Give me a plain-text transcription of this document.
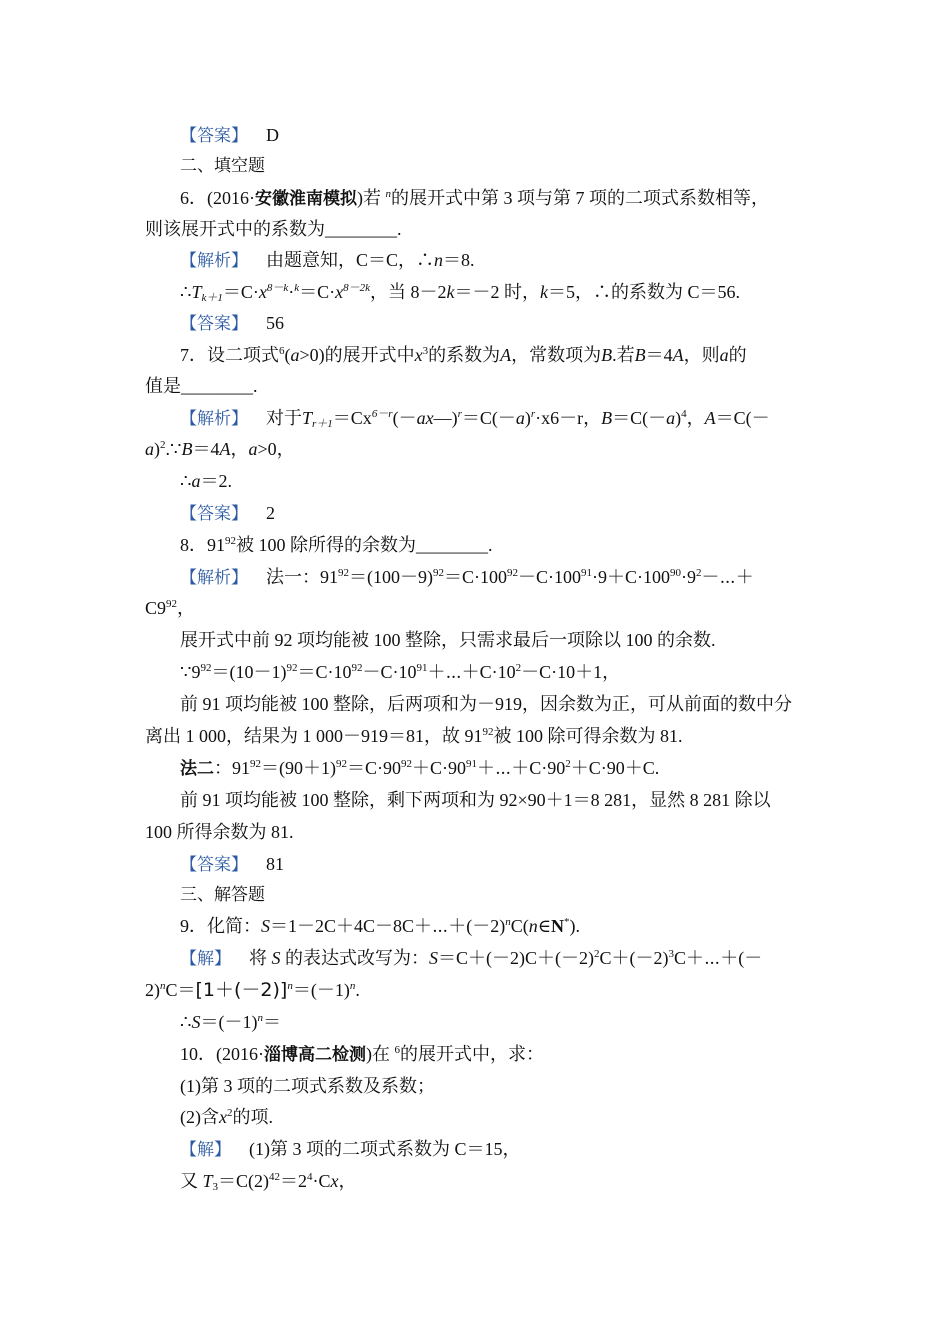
【答案】 D
二、填空题
6．(2016·安徽淮南模拟)若 $^n$的展开式中第 3 项与第 7 项的二项式系数相等，
则该展开式中的系数为________.
【解析】 由题意知，C＝C，∴n＝8.
$\therefore T_{k+1}=C\cdot x^{8-k}\cdot^k=C\cdot x^{8-2k}$，当 8－2k＝－2 时，k＝5，∴的系数为 C＝56.
【答案】 56
7．设二项式$^6$(a>0)的展开式中$x^3$的系数为A，常数项为B.若B＝4A，则a的
值是________.
【解析】 对于$T_{r+1}=Cx^{6-r}(-ax—)^r=C(-a)^r\cdot x6-r$，$B=C(-a)^4$，A＝C(－
a)$^2$.∵B＝4A，a>0，
∴a＝2.
【答案】 2
8．$91^{92}$被 100 除所得的余数为________.
【解析】 法一：$91^{92}=(100-9)^{92}=C\cdot 100^{92}-C\cdot 100^{91}\cdot 9+C\cdot 100^{90}\cdot 9^2-\cdots+$
$C9^{92}$，
展开式中前 92 项均能被 100 整除，只需求最后一项除以 100 的余数.
$\because 9^{92}=(10-1)^{92}=C\cdot 10^{92}-C\cdot 10^{91}+\cdots+C\cdot 10^2-C\cdot 10+1$，
前 91 项均能被 100 整除，后两项和为－919，因余数为正，可从前面的数中分
离出 1 000，结果为 1 000－919＝81，故 $91^{92}$被 100 除可得余数为 81.
法二：$91^{92}=(90+1)^{92}=C\cdot 90^{92}+C\cdot 90^{91}+\cdots+C\cdot 90^2+C\cdot 90+C$.
前 91 项均能被 100 整除，剩下两项和为 92×90＋1＝8 281，显然 8 281 除以
100 所得余数为 81.
【答案】 81
三、解答题
9．化简：$S=1-2C+4C-8C+\cdots+(-2)^nC(n\in N^*)$.
【解】 将 S 的表达式改写为：$S=C+(-2)C+(-2)^2C+(-2)^3C+\cdots+(-$
$2)^nC=[1+(-2)]^n=(-1)^n$.
$\therefore S=(-1)^n=$
10．(2016·淄博高二检测)在 $^6$的展开式中，求：
(1)第 3 项的二项式系数及系数；
(2)含$x^2$的项.
【解】 (1)第 3 项的二项式系数为 C＝15，
又 $T_3=C(2)^{42}=2^4\cdot Cx$，
